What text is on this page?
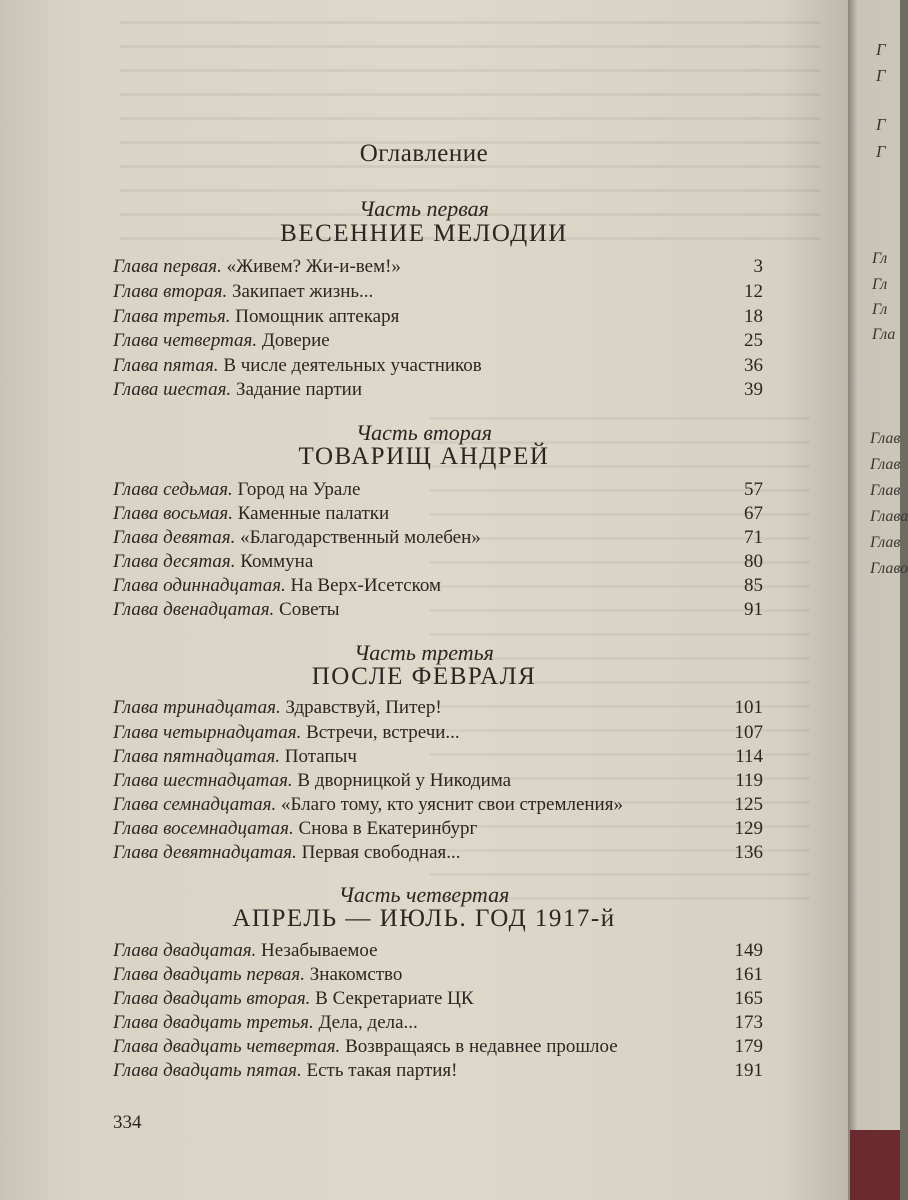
Оглавление
Часть первая
ВЕСЕННИЕ МЕЛОДИИ
Глава первая. «Живем? Жи-и-вем!»	3
Глава вторая. Закипает жизнь...	12
Глава третья. Помощник аптекаря	18
Глава четвертая. Доверие	25
Глава пятая. В числе деятельных участников	36
Глава шестая. Задание партии	39
Часть вторая
ТОВАРИЩ АНДРЕЙ
Глава седьмая. Город на Урале	57
Глава восьмая. Каменные палатки	67
Глава девятая. «Благодарственный молебен»	71
Глава десятая. Коммуна	80
Глава одиннадцатая. На Верх-Исетском	85
Глава двенадцатая. Советы	91
Часть третья
ПОСЛЕ ФЕВРАЛЯ
Глава тринадцатая. Здравствуй, Питер!	101
Глава четырнадцатая. Встречи, встречи...	107
Глава пятнадцатая. Потапыч	114
Глава шестнадцатая. В дворницкой у Никодима	119
Глава семнадцатая. «Благо тому, кто уяснит свои стремления»	125
Глава восемнадцатая. Снова в Екатеринбург	129
Глава девятнадцатая. Первая свободная...	136
Часть четвертая
АПРЕЛЬ — ИЮЛЬ. ГОД 1917-й
Глава двадцатая. Незабываемое	149
Глава двадцать первая. Знакомство	161
Глава двадцать вторая. В Секретариате ЦК	165
Глава двадцать третья. Дела, дела...	173
Глава двадцать четвертая. Возвращаясь в недавнее прошлое	179
Глава двадцать пятая. Есть такая партия!	191
334
Г
Г
Г
Г
Гл
Гл
Гл
Гла
Глав
Глав
Глав
Глава
Глав
Главо
